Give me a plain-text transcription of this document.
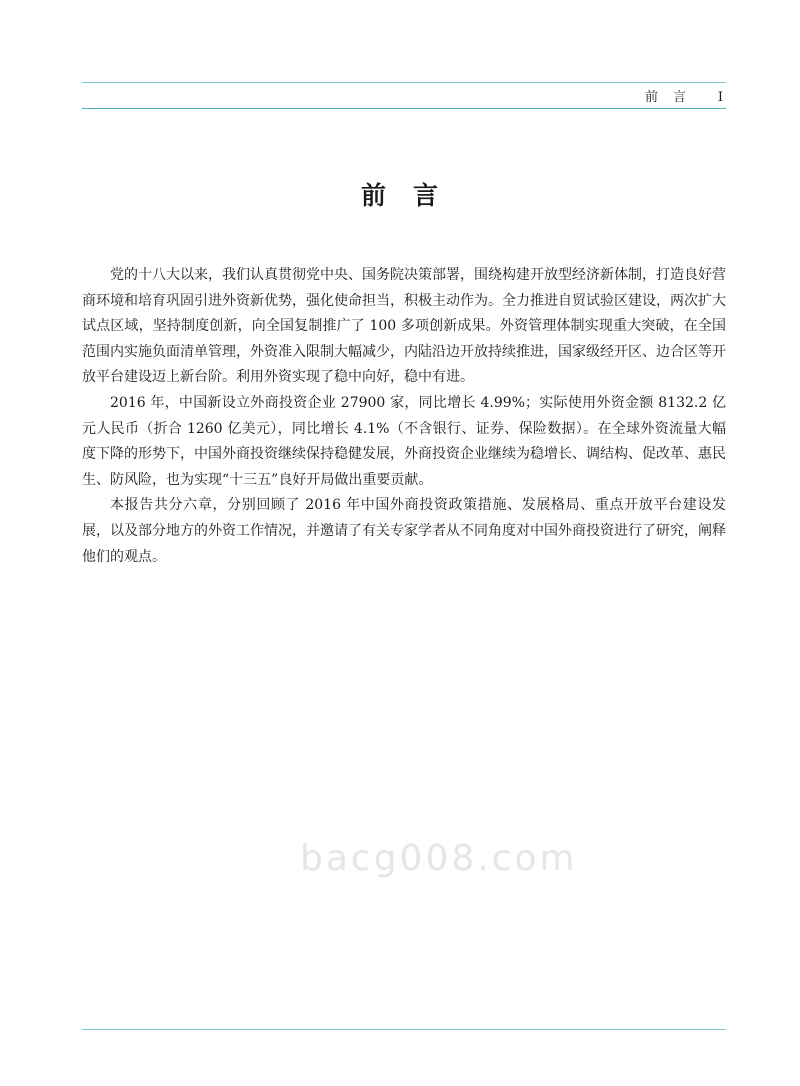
前　言 I
前　言

党的十八大以来，我们认真贯彻党中央、国务院决策部署，围绕构建开放型经济新体制，打造良好营商环境和培育巩固引进外资新优势，强化使命担当，积极主动作为。全力推进自贸试验区建设，两次扩大试点区域，坚持制度创新，向全国复制推广了 100 多项创新成果。外资管理体制实现重大突破，在全国范围内实施负面清单管理，外资准入限制大幅减少，内陆沿边开放持续推进，国家级经开区、边合区等开放平台建设迈上新台阶。利用外资实现了稳中向好，稳中有进。

2016 年，中国新设立外商投资企业 27900 家，同比增长 4.99%；实际使用外资金额 8132.2 亿元人民币（折合 1260 亿美元），同比增长 4.1%（不含银行、证券、保险数据）。在全球外资流量大幅度下降的形势下，中国外商投资继续保持稳健发展，外商投资企业继续为稳增长、调结构、促改革、惠民生、防风险，也为实现“十三五”良好开局做出重要贡献。

本报告共分六章，分别回顾了 2016 年中国外商投资政策措施、发展格局、重点开放平台建设发展，以及部分地方的外资工作情况，并邀请了有关专家学者从不同角度对中国外商投资进行了研究，阐释他们的观点。

bacg008.com
